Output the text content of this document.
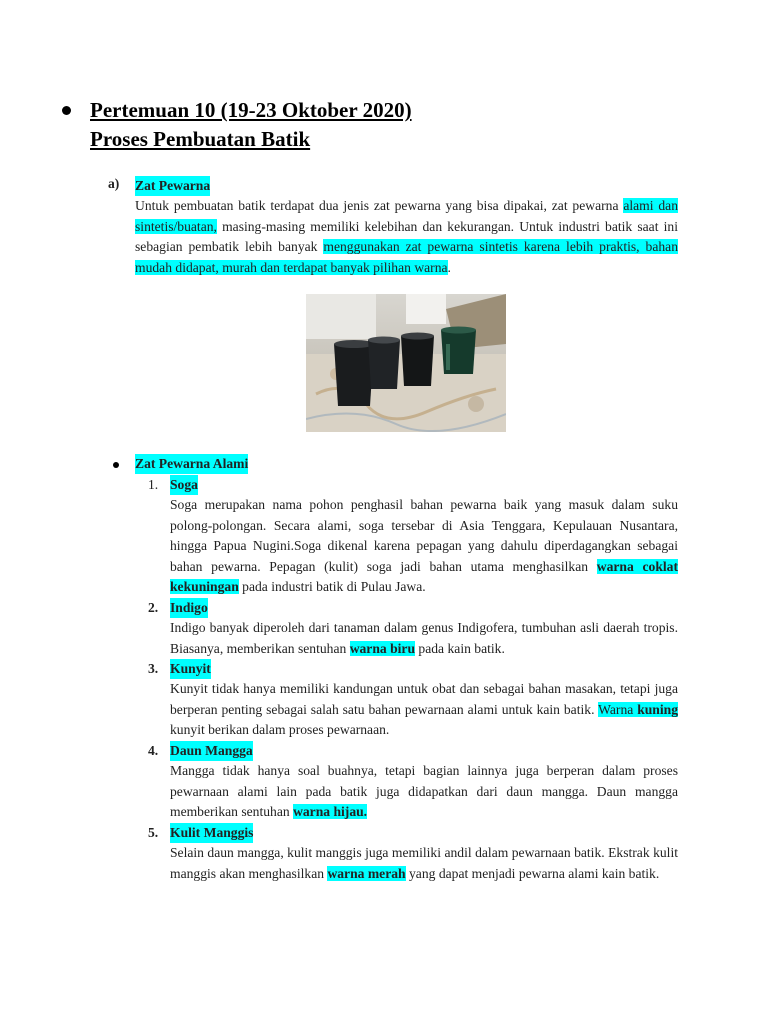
Pertemuan 10 (19-23 Oktober 2020)
Proses Pembuatan Batik
a) Zat Pewarna
Untuk pembuatan batik terdapat dua jenis zat pewarna yang bisa dipakai, zat pewarna alami dan sintetis/buatan, masing-masing memiliki kelebihan dan kekurangan. Untuk industri batik saat ini sebagian pembatik lebih banyak menggunakan zat pewarna sintetis karena lebih praktis, bahan mudah didapat, murah dan terdapat banyak pilihan warna.
Zat Pewarna Alami
1. Soga
Soga merupakan nama pohon penghasil bahan pewarna baik yang masuk dalam suku polong-polongan. Secara alami, soga tersebar di Asia Tenggara, Kepulauan Nusantara, hingga Papua Nugini.Soga dikenal karena pepagan yang dahulu diperdagangkan sebagai bahan pewarna. Pepagan (kulit) soga jadi bahan utama menghasilkan warna coklat kekuningan pada industri batik di Pulau Jawa.
2. Indigo
Indigo banyak diperoleh dari tanaman dalam genus Indigofera, tumbuhan asli daerah tropis. Biasanya, memberikan sentuhan warna biru pada kain batik.
3. Kunyit
Kunyit tidak hanya memiliki kandungan untuk obat dan sebagai bahan masakan, tetapi juga berperan penting sebagai salah satu bahan pewarnaan alami untuk kain batik. Warna kuning kunyit berikan dalam proses pewarnaan.
4. Daun Mangga
Mangga tidak hanya soal buahnya, tetapi bagian lainnya juga berperan dalam proses pewarnaan alami lain pada batik juga didapatkan dari daun mangga. Daun mangga memberikan sentuhan warna hijau.
5. Kulit Manggis
Selain daun mangga, kulit manggis juga memiliki andil dalam pewarnaan batik. Ekstrak kulit manggis akan menghasilkan warna merah yang dapat menjadi pewarna alami kain batik.
